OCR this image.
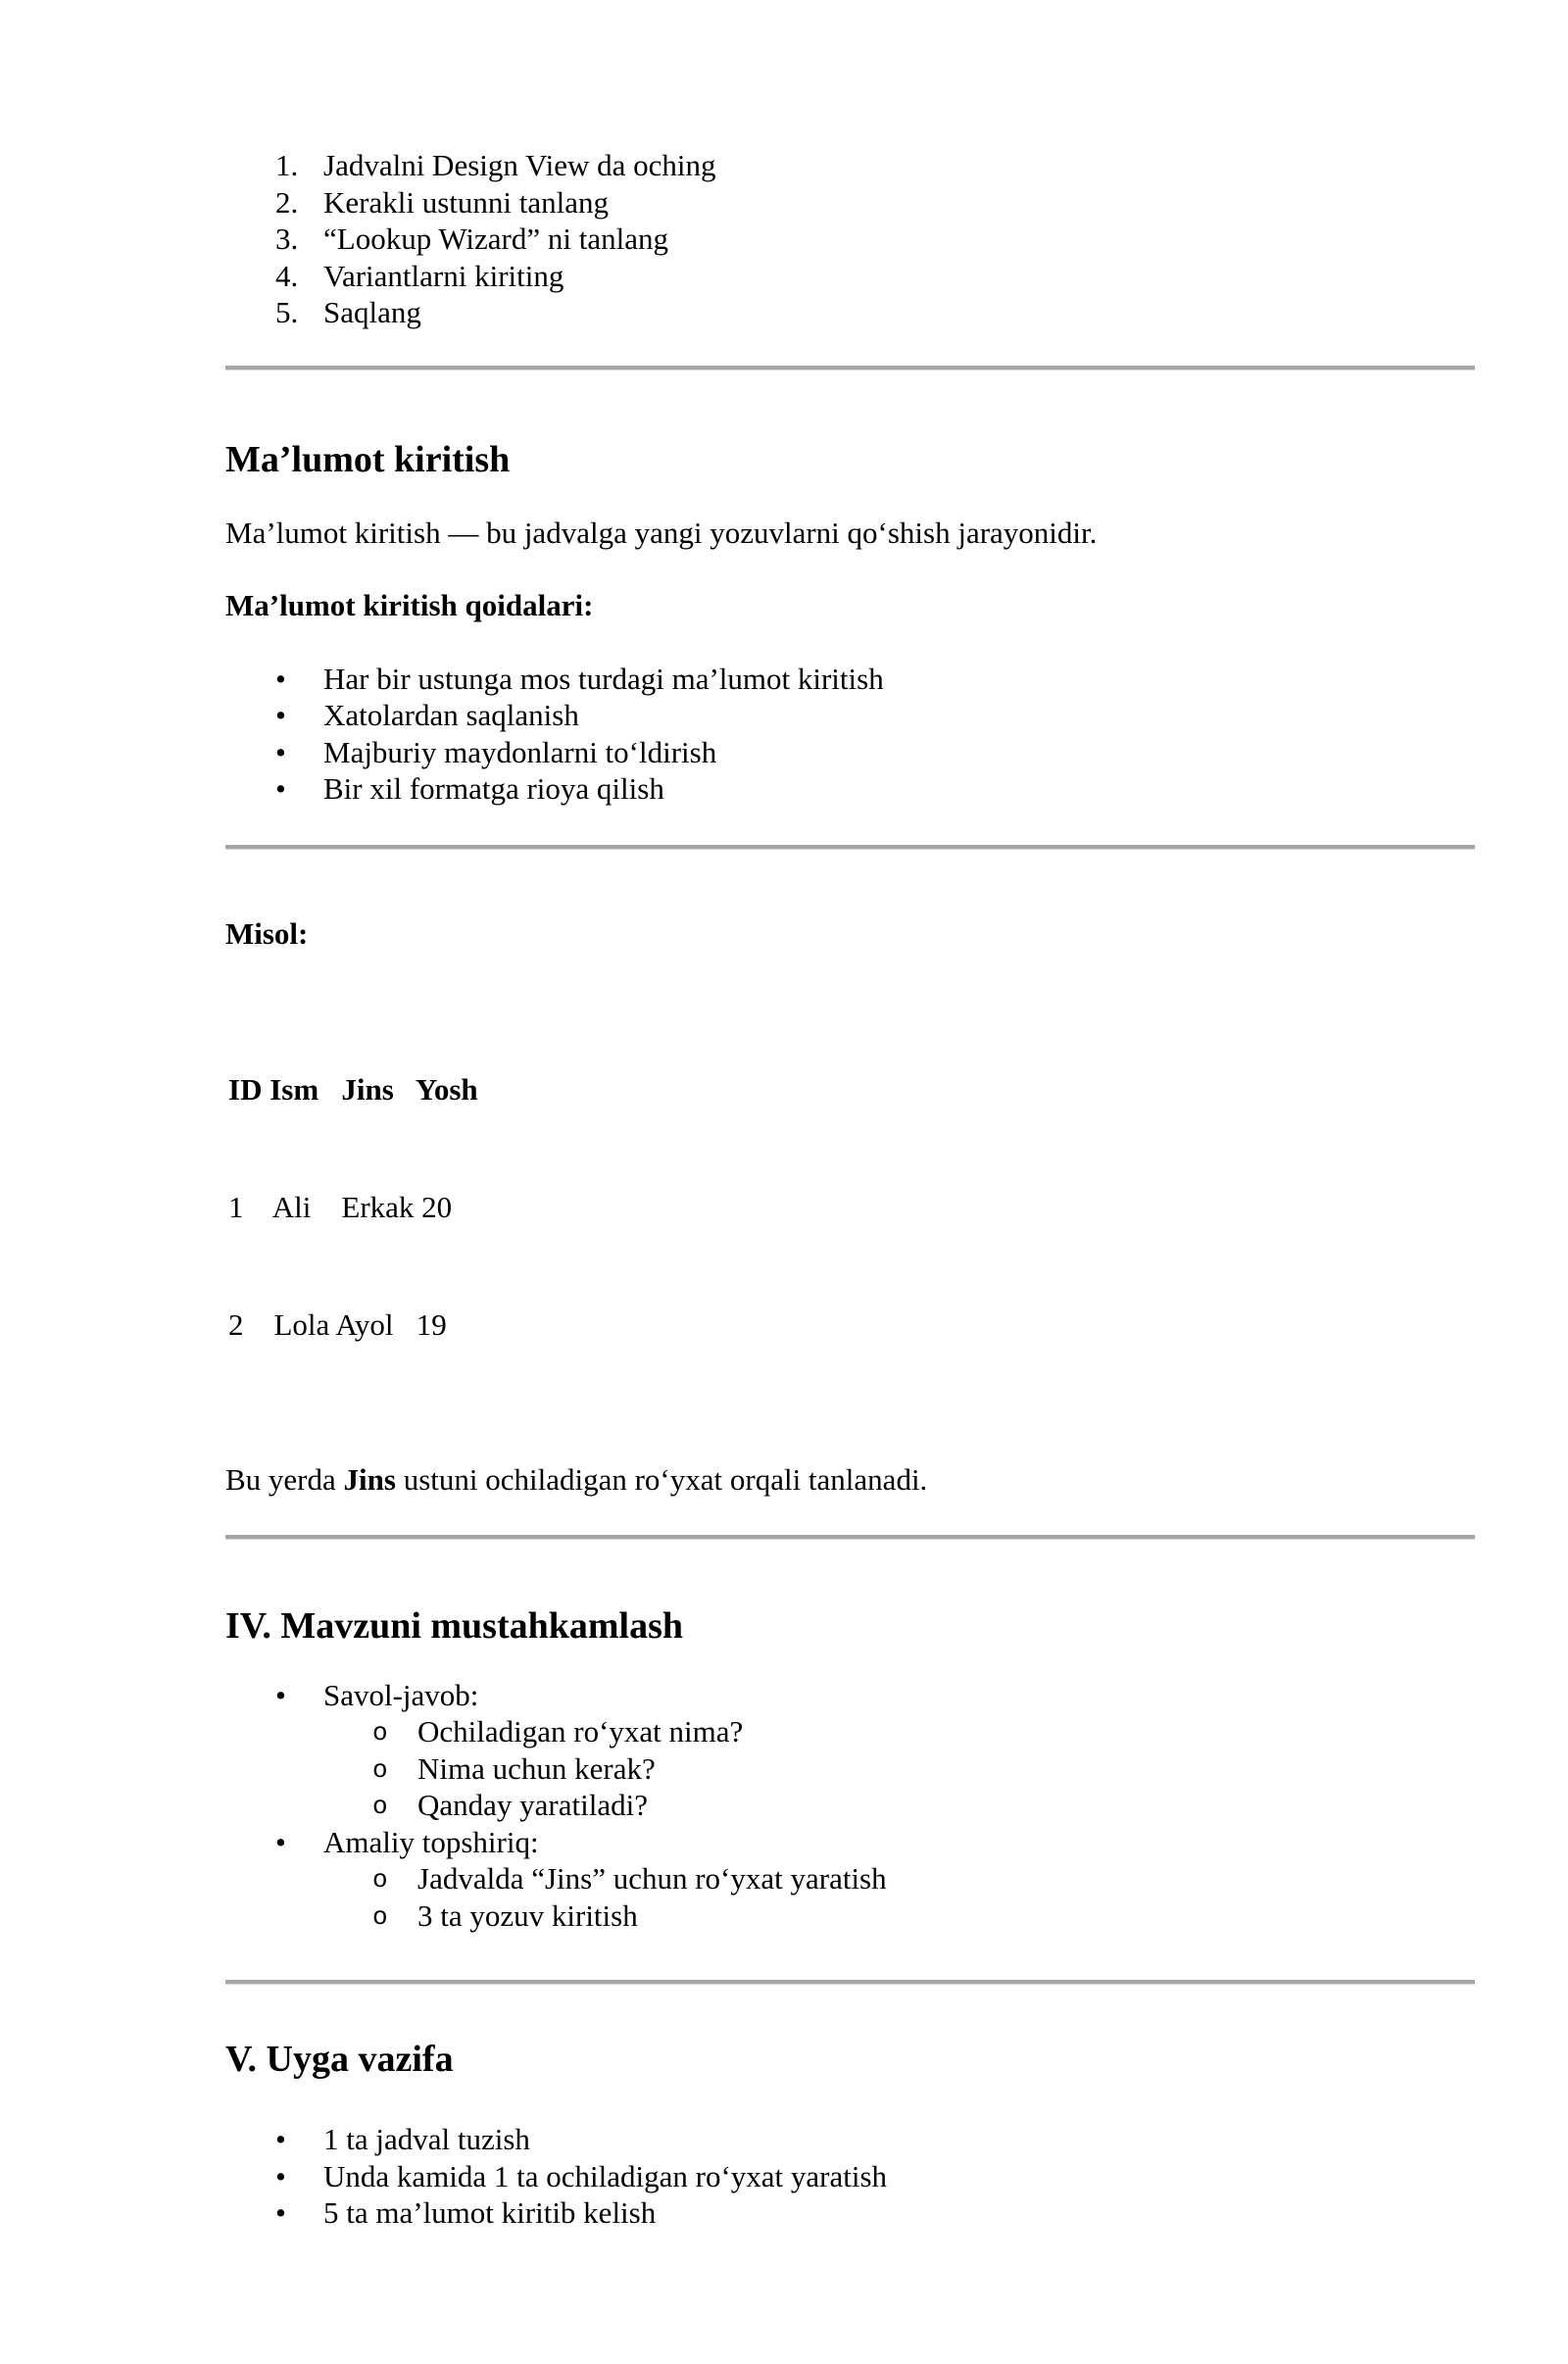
1. Jadvalni Design View da oching
2. Kerakli ustunni tanlang
3. “Lookup Wizard” ni tanlang
4. Variantlarni kiriting
5. Saqlang
Ma’lumot kiritish

Ma’lumot kiritish — bu jadvalga yangi yozuvlarni qoʻshish jarayonidir.

Ma’lumot kiritish qoidalari:

• Har bir ustunga mos turdagi ma’lumot kiritish
• Xatolardan saqlanish
• Majburiy maydonlarni toʻldirish
• Bir xil formatga rioya qilish

Misol:

ID Ism   Jins   Yosh

1    Ali    Erkak 20

2    Lola Ayol   19

Bu yerda Jins ustuni ochiladigan roʻyxat orqali tanlanadi.

IV. Mavzuni mustahkamlash
• Savol-javob:
o Ochiladigan roʻyxat nima?
o Nima uchun kerak?
o Qanday yaratiladi?
• Amaliy topshiriq:
o Jadvalda “Jins” uchun roʻyxat yaratish
o 3 ta yozuv kiritish
V. Uyga vazifa
• 1 ta jadval tuzish
• Unda kamida 1 ta ochiladigan roʻyxat yaratish
• 5 ta ma’lumot kiritib kelish
